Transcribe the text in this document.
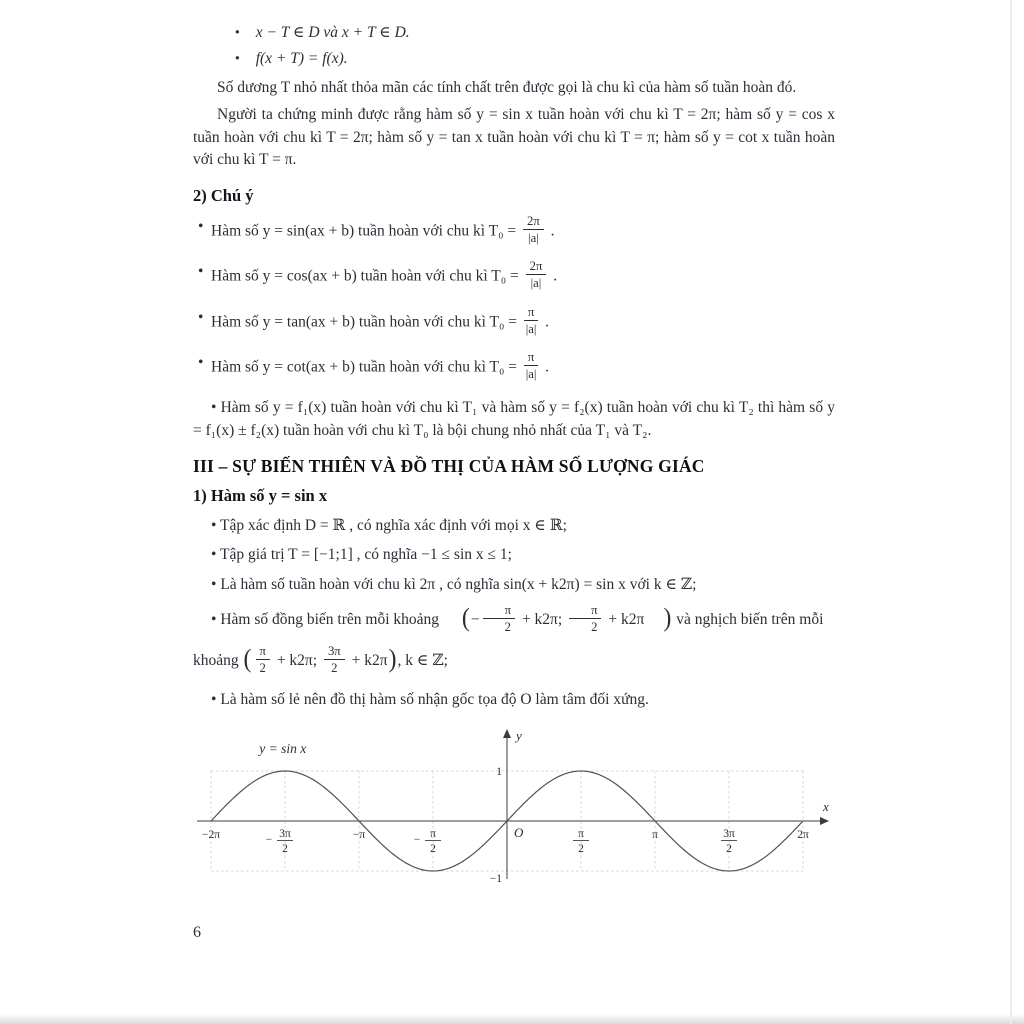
● x − T ∈ D và x + T ∈ D.
● f(x + T) = f(x).

Số dương T nhỏ nhất thỏa mãn các tính chất trên được gọi là chu kì của hàm số tuần hoàn đó.

Người ta chứng minh được rằng hàm số y = sin x tuần hoàn với chu kì T = 2π; hàm số y = cos x tuần hoàn với chu kì T = 2π; hàm số y = tan x tuần hoàn với chu kì T = π; hàm số y = cot x tuần hoàn với chu kì T = π.

2) Chú ý
• Hàm số y = sin(ax + b) tuần hoàn với chu kì $T_0 = \frac{2\pi}{|a|}$ .
• Hàm số y = cos(ax + b) tuần hoàn với chu kì $T_0 = \frac{2\pi}{|a|}$ .
• Hàm số y = tan(ax + b) tuần hoàn với chu kì $T_0 = \frac{\pi}{|a|}$ .
• Hàm số y = cot(ax + b) tuần hoàn với chu kì $T_0 = \frac{\pi}{|a|}$ .

• Hàm số y = f₁(x) tuần hoàn với chu kì T₁ và hàm số y = f₂(x) tuần hoàn với chu kì T₂ thì hàm số y = f₁(x) ± f₂(x) tuần hoàn với chu kì T₀ là bội chung nhỏ nhất của T₁ và T₂.

III – SỰ BIẾN THIÊN VÀ ĐỒ THỊ CỦA HÀM SỐ LƯỢNG GIÁC
1) Hàm số y = sin x
• Tập xác định D = ℝ , có nghĩa xác định với mọi x ∈ ℝ;
• Tập giá trị T = [−1;1] , có nghĩa −1 ≤ sin x ≤ 1;
• Là hàm số tuần hoàn với chu kì 2π , có nghĩa sin(x + k2π) = sin x với k ∈ ℤ;
• Hàm số đồng biến trên mỗi khoảng (− $\frac{\pi}{2} + k2\pi$; $\frac{\pi}{2} + k2\pi$ ) và nghịch biến trên mỗi
khoảng ( $\frac{\pi}{2} + k2\pi$; $\frac{3\pi}{2} + k2\pi$), k ∈ ℤ;
• Là hàm số lẻ nên đồ thị hàm số nhận gốc tọa độ O làm tâm đối xứng.
−2π	− 3π
2
−π	− π
2
π
2
π	3π
2
2π
1
−1
O
x
y
y = sin x
6
